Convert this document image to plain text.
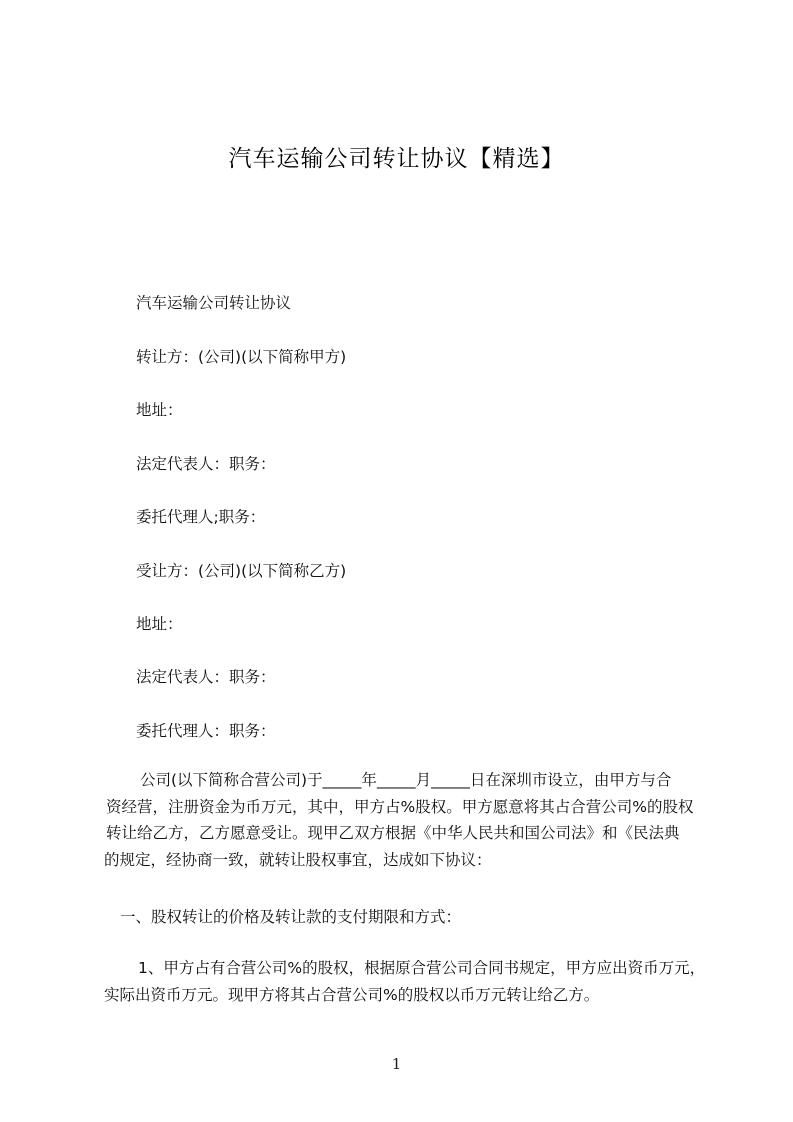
汽车运输公司转让协议【精选】
汽车运输公司转让协议
转让方：(公司)(以下简称甲方)
地址：
法定代表人：职务：
委托代理人;职务：
受让方：(公司)(以下简称乙方)
地址：
法定代表人：职务：
委托代理人：职务：
公司(以下简称合营公司)于_____年_____月_____日在深圳市设立，由甲方与合
资经营，注册资金为币万元，其中，甲方占%股权。甲方愿意将其占合营公司%的股权
转让给乙方，乙方愿意受让。现甲乙双方根据《中华人民共和国公司法》和《民法典
的规定，经协商一致，就转让股权事宜，达成如下协议：
一、股权转让的价格及转让款的支付期限和方式：
1、甲方占有合营公司%的股权，根据原合营公司合同书规定，甲方应出资币万元，
实际出资币万元。现甲方将其占合营公司%的股权以币万元转让给乙方。
1
